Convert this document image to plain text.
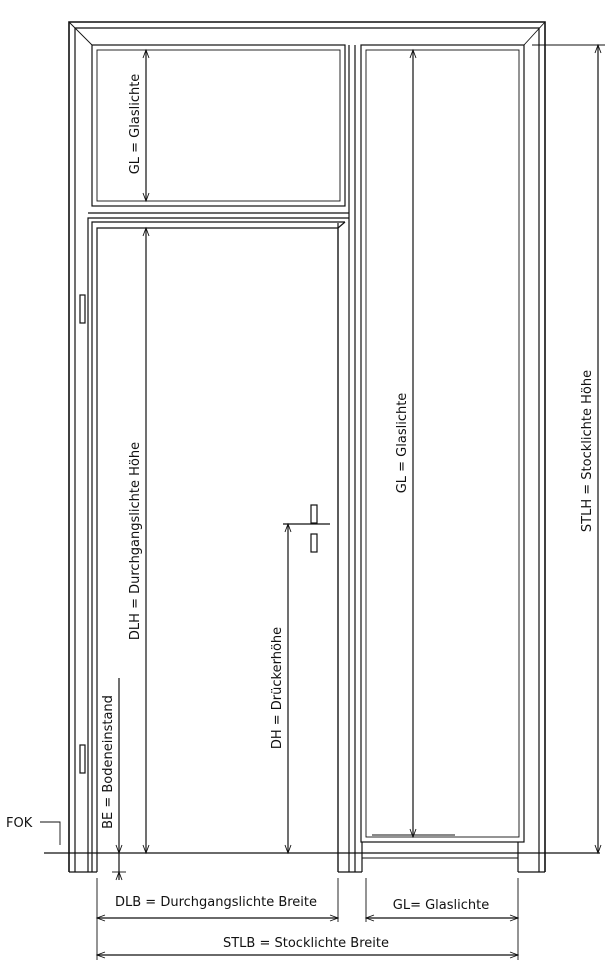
GL = Glaslichte
DLH = Durchgangslichte Höhe
DH = Drückerhöhe
BE = Bodeneinstand
GL = Glaslichte	STLH = Stocklichte Höhe
FOK
DLB = Durchgangslichte Breite	GL= Glaslichte
STLB = Stocklichte Breite
